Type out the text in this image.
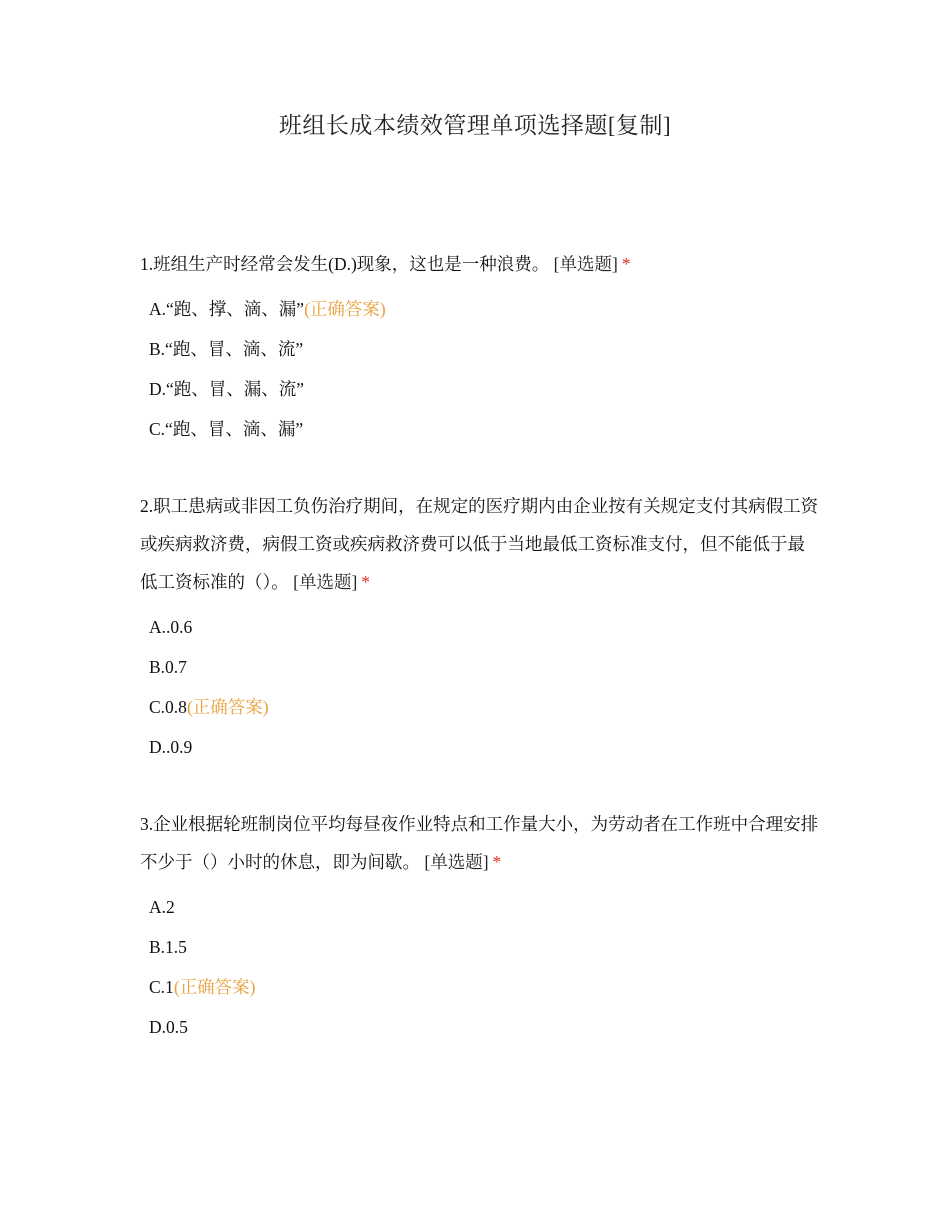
班组长成本绩效管理单项选择题[复制]
1.班组生产时经常会发生(D.)现象，这也是一种浪费。 [单选题] *
A.“跑、撑、滴、漏”(正确答案)
B.“跑、冒、滴、流”
D.“跑、冒、漏、流”
C.“跑、冒、滴、漏”
2.职工患病或非因工负伤治疗期间，在规定的医疗期内由企业按有关规定支付其病假工资或疾病救济费，病假工资或疾病救济费可以低于当地最低工资标准支付，但不能低于最低工资标准的（）。 [单选题] *
A..0.6
B.0.7
C.0.8(正确答案)
D..0.9
3.企业根据轮班制岗位平均每昼夜作业特点和工作量大小，为劳动者在工作班中合理安排不少于（）小时的休息，即为间歇。 [单选题] *
A.2
B.1.5
C.1(正确答案)
D.0.5
